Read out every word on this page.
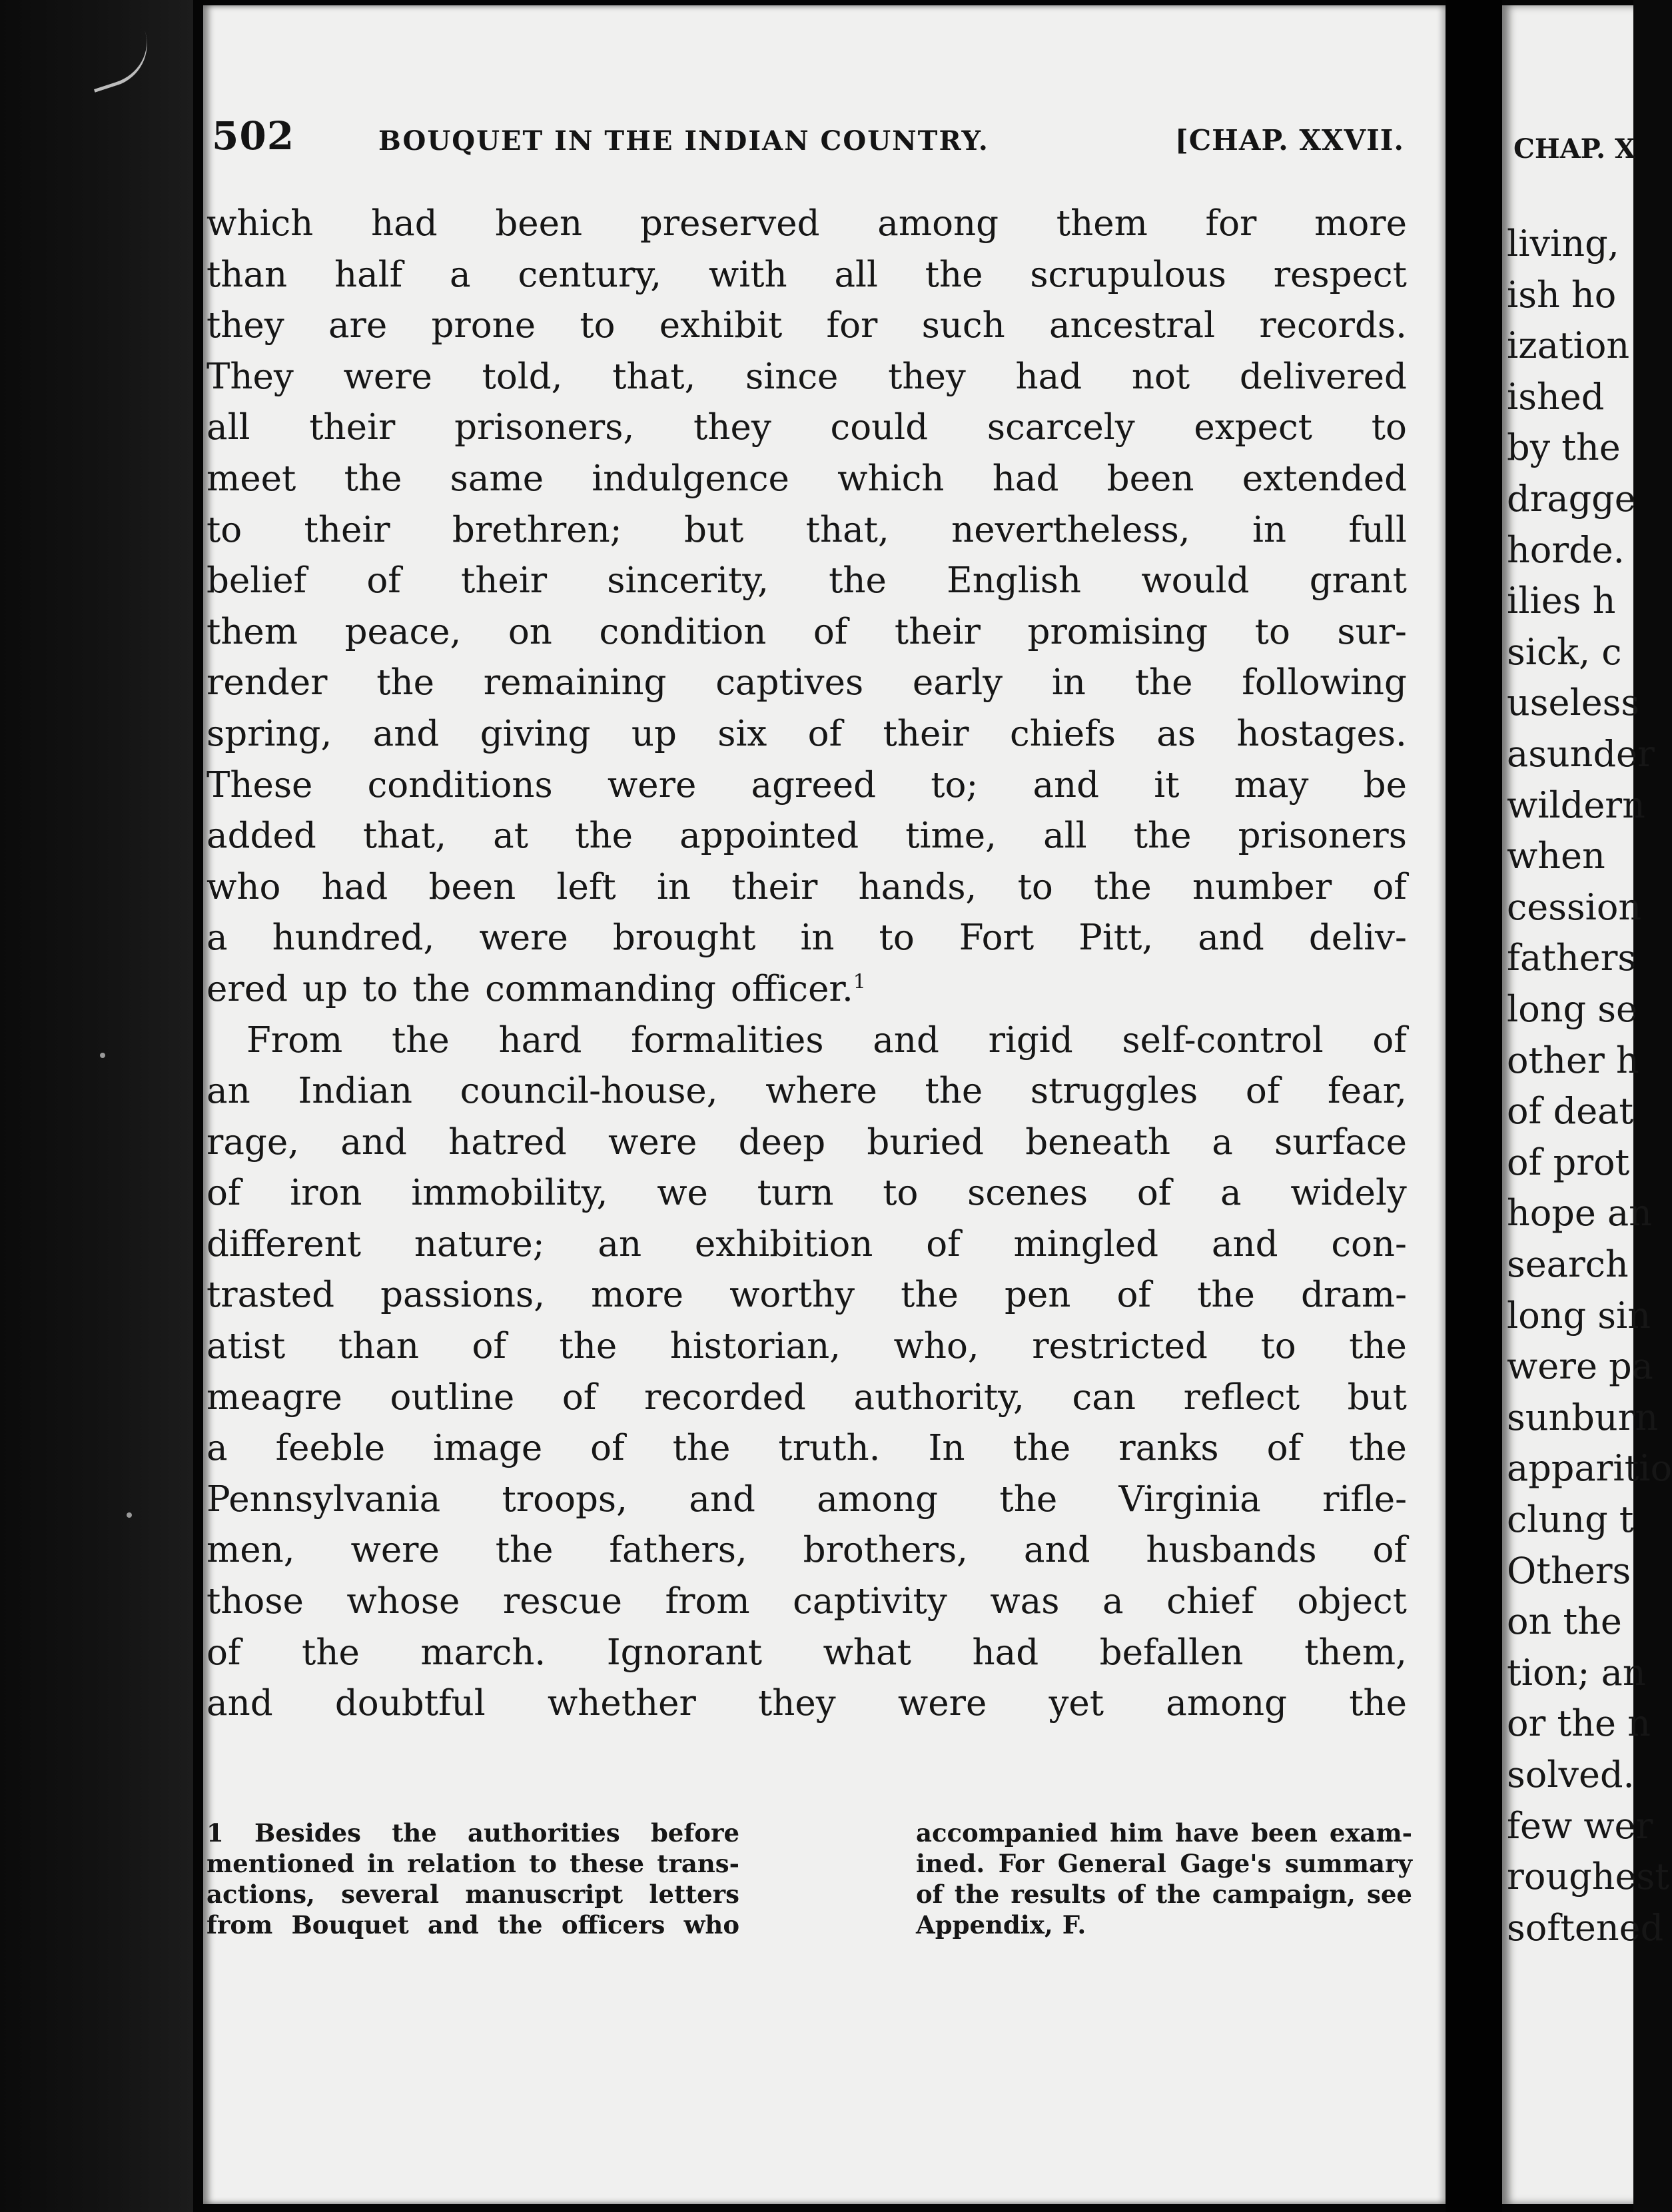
502	BOUQUET IN THE INDIAN COUNTRY.	[CHAP. XXVII.
which had been preserved among them for more
than half a century, with all the scrupulous respect
they are prone to exhibit for such ancestral records.
They were told, that, since they had not delivered
all their prisoners, they could scarcely expect to
meet the same indulgence which had been extended
to their brethren; but that, nevertheless, in full
belief of their sincerity, the English would grant
them peace, on condition of their promising to sur-
render the remaining captives early in the following
spring, and giving up six of their chiefs as hostages.
These conditions were agreed to; and it may be
added that, at the appointed time, all the prisoners
who had been left in their hands, to the number of
a hundred, were brought in to Fort Pitt, and deliv-
ered up to the commanding officer.$^1$
From the hard formalities and rigid self-control of
an Indian council-house, where the struggles of fear,
rage, and hatred were deep buried beneath a surface
of iron immobility, we turn to scenes of a widely
different nature; an exhibition of mingled and con-
trasted passions, more worthy the pen of the dram-
atist than of the historian, who, restricted to the
meagre outline of recorded authority, can reflect but
a feeble image of the truth. In the ranks of the
Pennsylvania troops, and among the Virginia rifle-
men, were the fathers, brothers, and husbands of
those whose rescue from captivity was a chief object
of the march. Ignorant what had befallen them,
and doubtful whether they were yet among the
1 Besides the authorities before
mentioned in relation to these trans-
actions, several manuscript letters
from Bouquet and the officers who
accompanied him have been exam-
ined. For General Gage's summary
of the results of the campaign, see
Appendix, F.
CHAP. X
living,
ish ho
ization
ished
by the
dragge
horde.
ilies h
sick, c
useless
asunder
wildern
when
cession
fathers
long se
other h
of deat
of prot
hope an
search
long sin
were pa
sunburn
apparitio
clung t
Others
on the
tion; an
or the n
solved.
few wer
roughest
softened
